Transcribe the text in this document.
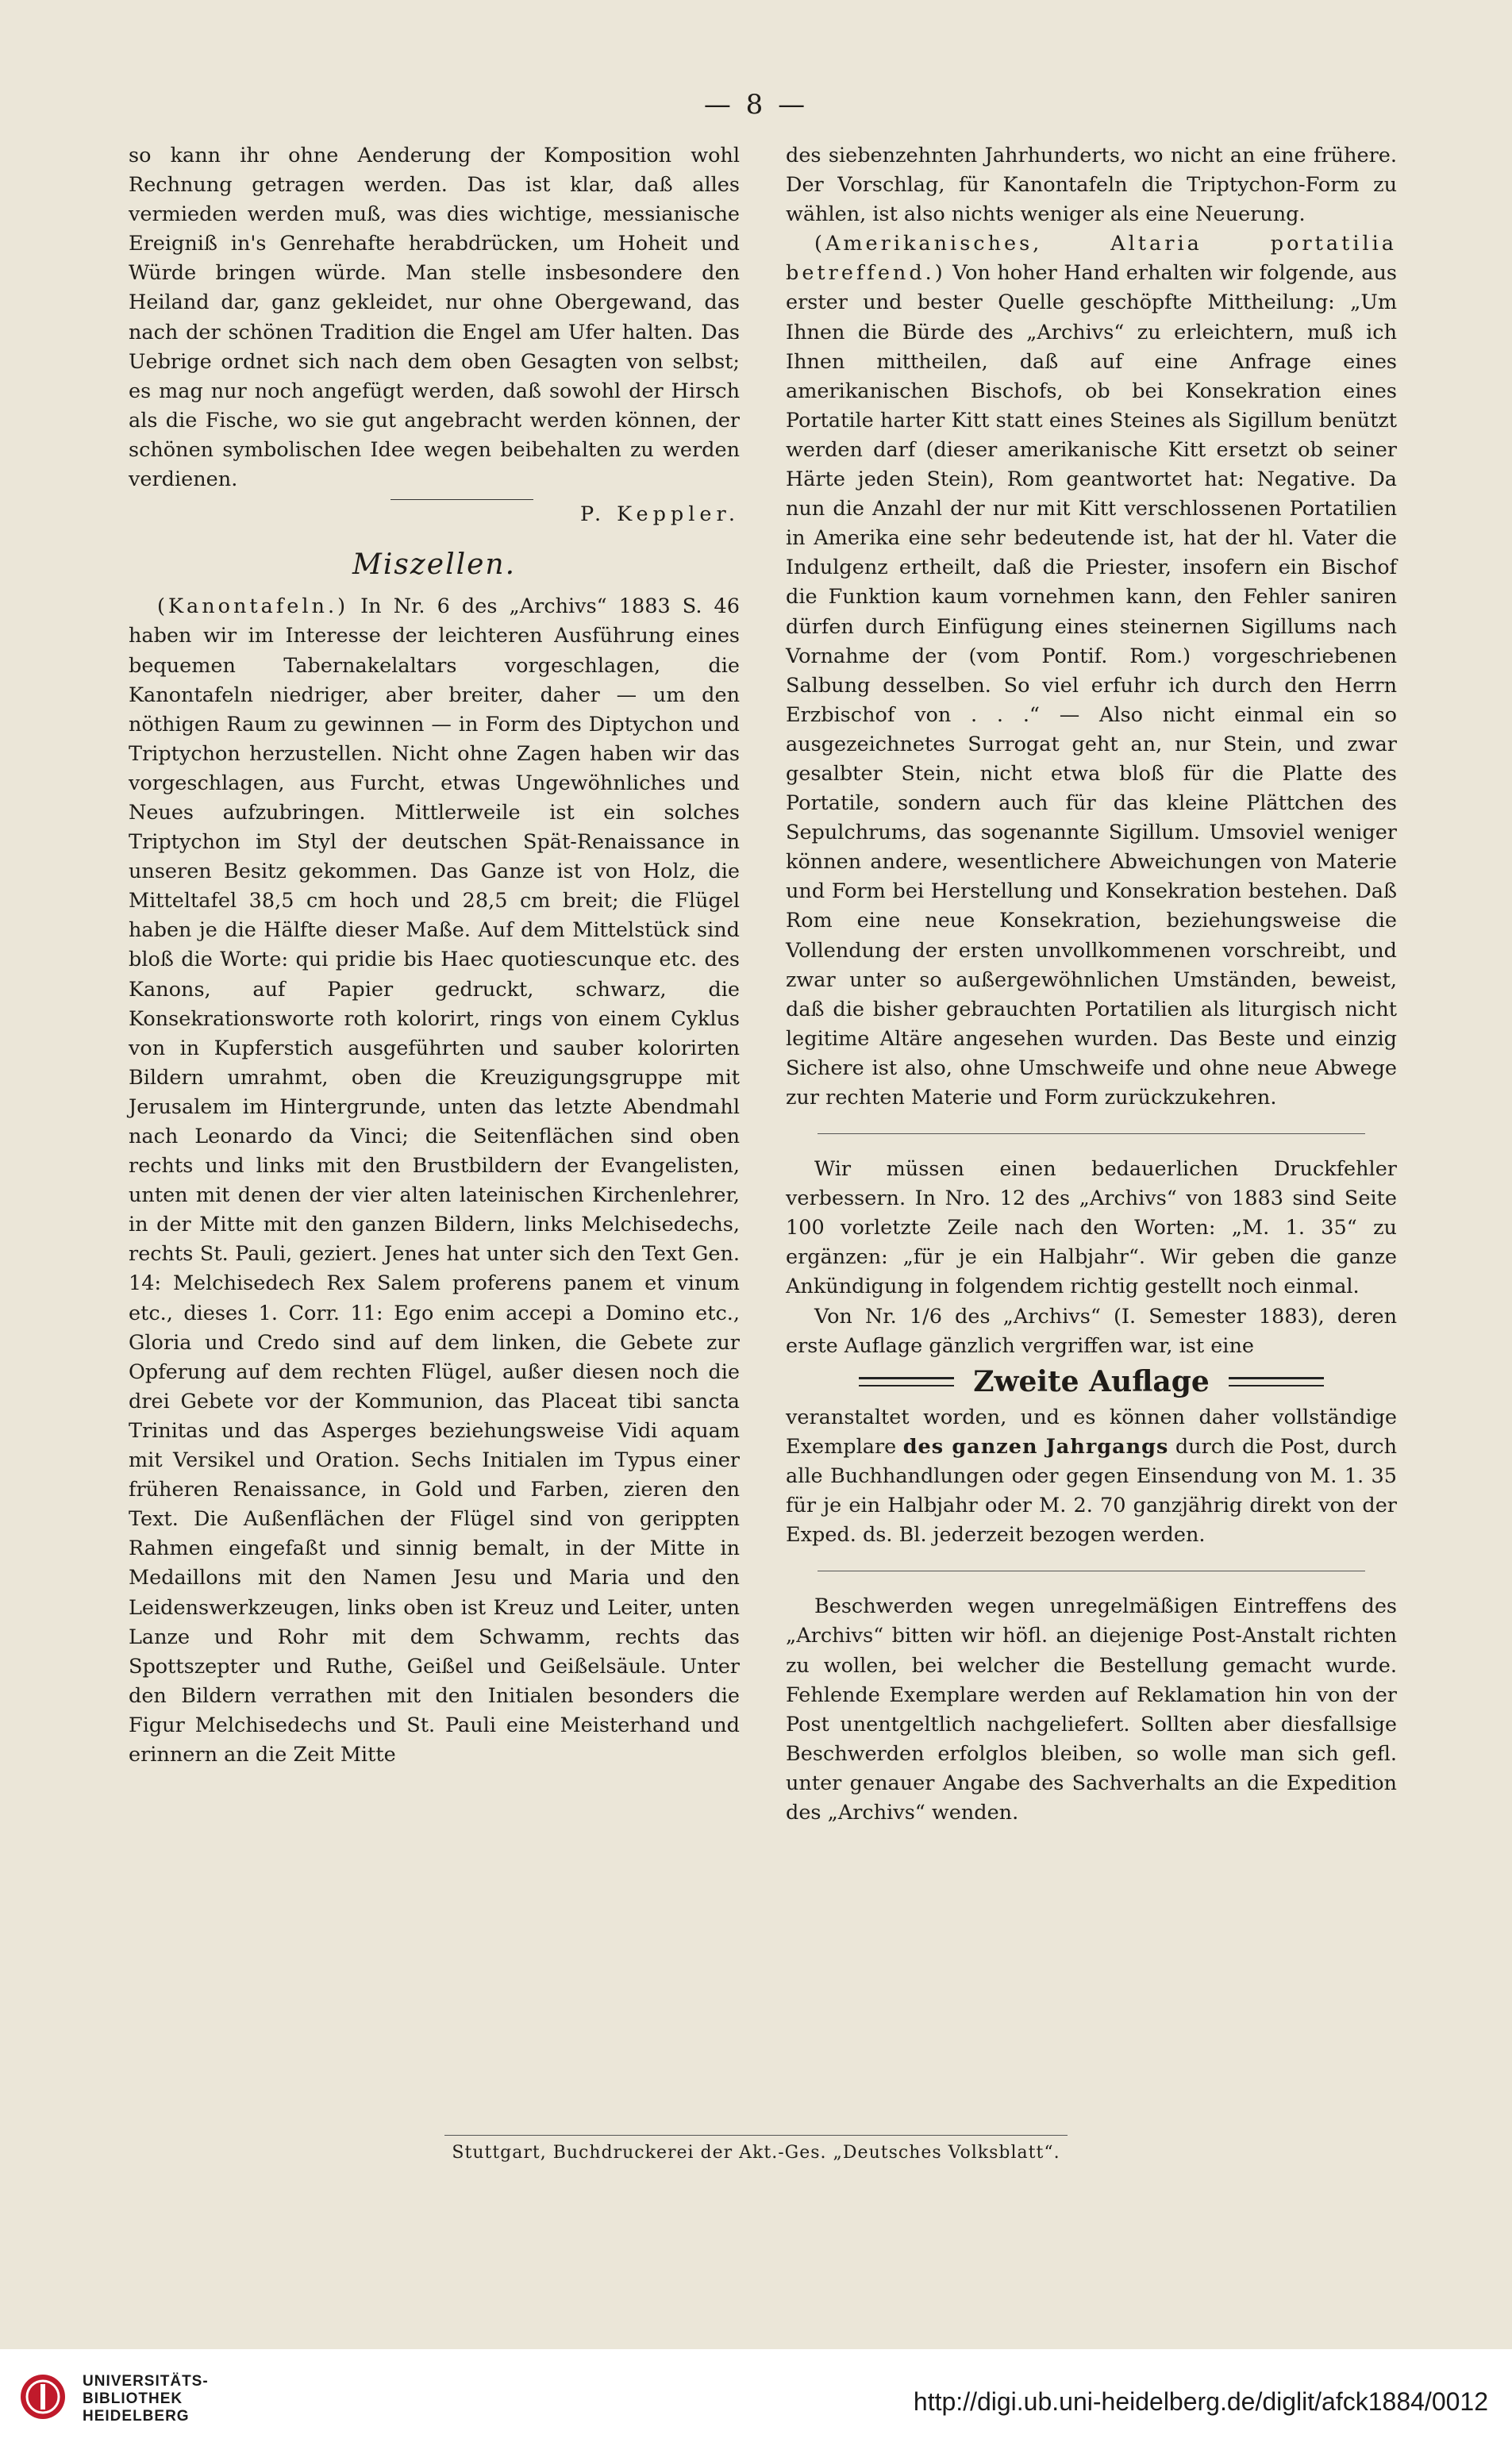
— 8 —

so kann ihr ohne Aenderung der Komposition wohl Rechnung getragen werden. Das ist klar, daß alles vermieden werden muß, was dies wichtige, messianische Ereigniß in's Genrehafte herabdrücken, um Hoheit und Würde bringen würde. Man stelle insbesondere den Heiland dar, ganz gekleidet, nur ohne Obergewand, das nach der schönen Tradition die Engel am Ufer halten. Das Uebrige ordnet sich nach dem oben Gesagten von selbst; es mag nur noch angefügt werden, daß sowohl der Hirsch als die Fische, wo sie gut angebracht werden können, der schönen symbolischen Idee wegen beibehalten zu werden verdienen.

P. Keppler.

Miszellen.

(Kanontafeln.) In Nr. 6 des „Archivs“ 1883 S. 46 haben wir im Interesse der leichteren Ausführung eines bequemen Tabernakelaltars vorgeschlagen, die Kanontafeln niedriger, aber breiter, daher — um den nöthigen Raum zu gewinnen — in Form des Diptychon und Triptychon herzustellen. Nicht ohne Zagen haben wir das vorgeschlagen, aus Furcht, etwas Ungewöhnliches und Neues aufzubringen. Mittlerweile ist ein solches Triptychon im Styl der deutschen Spät-Renaissance in unseren Besitz gekommen. Das Ganze ist von Holz, die Mitteltafel 38,5 cm hoch und 28,5 cm breit; die Flügel haben je die Hälfte dieser Maße. Auf dem Mittelstück sind bloß die Worte: qui pridie bis Haec quotiescunque etc. des Kanons, auf Papier gedruckt, schwarz, die Konsekrationsworte roth kolorirt, rings von einem Cyklus von in Kupferstich ausgeführten und sauber kolorirten Bildern umrahmt, oben die Kreuzigungsgruppe mit Jerusalem im Hintergrunde, unten das letzte Abendmahl nach Leonardo da Vinci; die Seitenflächen sind oben rechts und links mit den Brustbildern der Evangelisten, unten mit denen der vier alten lateinischen Kirchenlehrer, in der Mitte mit den ganzen Bildern, links Melchisedechs, rechts St. Pauli, geziert. Jenes hat unter sich den Text Gen. 14: Melchisedech Rex Salem proferens panem et vinum etc., dieses 1. Corr. 11: Ego enim accepi a Domino etc., Gloria und Credo sind auf dem linken, die Gebete zur Opferung auf dem rechten Flügel, außer diesen noch die drei Gebete vor der Kommunion, das Placeat tibi sancta Trinitas und das Asperges beziehungsweise Vidi aquam mit Versikel und Oration. Sechs Initialen im Typus einer früheren Renaissance, in Gold und Farben, zieren den Text. Die Außenflächen der Flügel sind von gerippten Rahmen eingefaßt und sinnig bemalt, in der Mitte in Medaillons mit den Namen Jesu und Maria und den Leidenswerkzeugen, links oben ist Kreuz und Leiter, unten Lanze und Rohr mit dem Schwamm, rechts das Spottszepter und Ruthe, Geißel und Geißelsäule. Unter den Bildern verrathen mit den Initialen besonders die Figur Melchisedechs und St. Pauli eine Meisterhand und erinnern an die Zeit Mitte

des siebenzehnten Jahrhunderts, wo nicht an eine frühere. Der Vorschlag, für Kanontafeln die Triptychon-Form zu wählen, ist also nichts weniger als eine Neuerung.

(Amerikanisches, Altaria portatilia betreffend.) Von hoher Hand erhalten wir folgende, aus erster und bester Quelle geschöpfte Mittheilung: „Um Ihnen die Bürde des „Archivs“ zu erleichtern, muß ich Ihnen mittheilen, daß auf eine Anfrage eines amerikanischen Bischofs, ob bei Konsekration eines Portatile harter Kitt statt eines Steines als Sigillum benützt werden darf (dieser amerikanische Kitt ersetzt ob seiner Härte jeden Stein), Rom geantwortet hat: Negative. Da nun die Anzahl der nur mit Kitt verschlossenen Portatilien in Amerika eine sehr bedeutende ist, hat der hl. Vater die Indulgenz ertheilt, daß die Priester, insofern ein Bischof die Funktion kaum vornehmen kann, den Fehler saniren dürfen durch Einfügung eines steinernen Sigillums nach Vornahme der (vom Pontif. Rom.) vorgeschriebenen Salbung desselben. So viel erfuhr ich durch den Herrn Erzbischof von . . .“ — Also nicht einmal ein so ausgezeichnetes Surrogat geht an, nur Stein, und zwar gesalbter Stein, nicht etwa bloß für die Platte des Portatile, sondern auch für das kleine Plättchen des Sepulchrums, das sogenannte Sigillum. Umsoviel weniger können andere, wesentlichere Abweichungen von Materie und Form bei Herstellung und Konsekration bestehen. Daß Rom eine neue Konsekration, beziehungsweise die Vollendung der ersten unvollkommenen vorschreibt, und zwar unter so außergewöhnlichen Umständen, beweist, daß die bisher gebrauchten Portatilien als liturgisch nicht legitime Altäre angesehen wurden. Das Beste und einzig Sichere ist also, ohne Umschweife und ohne neue Abwege zur rechten Materie und Form zurückzukehren.

Wir müssen einen bedauerlichen Druckfehler verbessern. In Nro. 12 des „Archivs“ von 1883 sind Seite 100 vorletzte Zeile nach den Worten: „M. 1. 35“ zu ergänzen: „für je ein Halbjahr“. Wir geben die ganze Ankündigung in folgendem richtig gestellt noch einmal.

Von Nr. 1/6 des „Archivs“ (I. Semester 1883), deren erste Auflage gänzlich vergriffen war, ist eine

Zweite Auflage

veranstaltet worden, und es können daher vollständige Exemplare des ganzen Jahrgangs durch die Post, durch alle Buchhandlungen oder gegen Einsendung von M. 1. 35 für je ein Halbjahr oder M. 2. 70 ganzjährig direkt von der Exped. ds. Bl. jederzeit bezogen werden.

Beschwerden wegen unregelmäßigen Eintreffens des „Archivs“ bitten wir höfl. an diejenige Post-Anstalt richten zu wollen, bei welcher die Bestellung gemacht wurde. Fehlende Exemplare werden auf Reklamation hin von der Post unentgeltlich nachgeliefert. Sollten aber diesfallsige Beschwerden erfolglos bleiben, so wolle man sich gefl. unter genauer Angabe des Sachverhalts an die Expedition des „Archivs“ wenden.

Stuttgart, Buchdruckerei der Akt.-Ges. „Deutsches Volksblatt“.
UNIVERSITÄTS-
BIBLIOTHEK
HEIDELBERG
http://digi.ub.uni-heidelberg.de/diglit/afck1884/0012
